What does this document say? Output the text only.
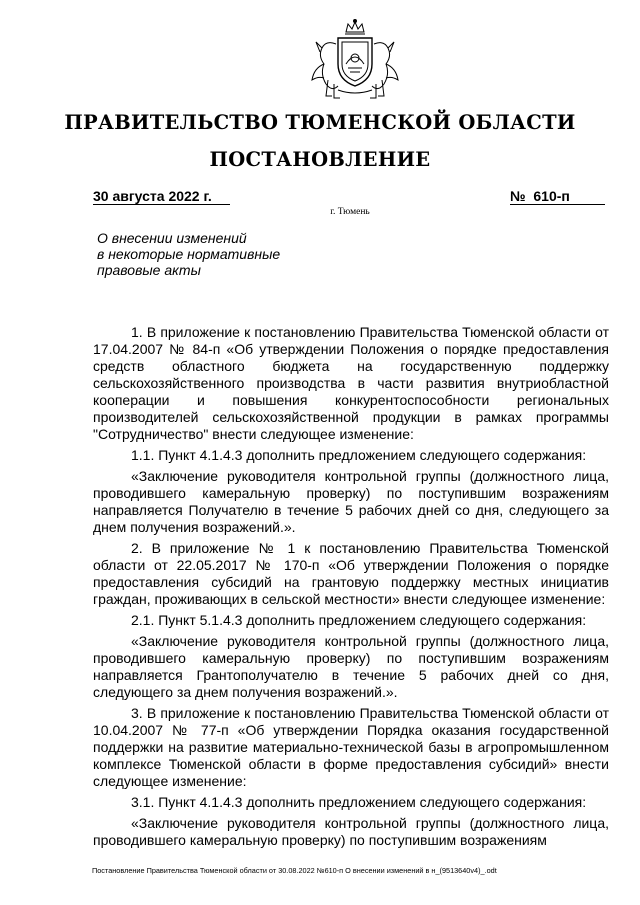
ПРАВИТЕЛЬСТВО ТЮМЕНСКОЙ ОБЛАСТИ
ПОСТАНОВЛЕНИЕ
30 августа 2022 г.	№ 610-п
г. Тюмень
О внесении изменений
в некоторые нормативные
правовые акты

1. В приложение к постановлению Правительства Тюменской области от 17.04.2007 № 84-п «Об утверждении Положения о порядке предоставления средств областного бюджета на государственную поддержку сельскохозяйственного производства в части развития внутриобластной кооперации и повышения конкурентоспособности региональных производителей сельскохозяйственной продукции в рамках программы "Сотрудничество" внести следующее изменение:

1.1. Пункт 4.1.4.3 дополнить предложением следующего содержания:

«Заключение руководителя контрольной группы (должностного лица, проводившего камеральную проверку) по поступившим возражениям направляется Получателю в течение 5 рабочих дней со дня, следующего за днем получения возражений.».

2. В приложение № 1 к постановлению Правительства Тюменской области от 22.05.2017 № 170-п «Об утверждении Положения о порядке предоставления субсидий на грантовую поддержку местных инициатив граждан, проживающих в сельской местности» внести следующее изменение:

2.1. Пункт 5.1.4.3 дополнить предложением следующего содержания:

«Заключение руководителя контрольной группы (должностного лица, проводившего камеральную проверку) по поступившим возражениям направляется Грантополучателю в течение 5 рабочих дней со дня, следующего за днем получения возражений.».

3. В приложение к постановлению Правительства Тюменской области от 10.04.2007 № 77-п «Об утверждении Порядка оказания государственной поддержки на развитие материально-технической базы в агропромышленном комплексе Тюменской области в форме предоставления субсидий» внести следующее изменение:

3.1. Пункт 4.1.4.3 дополнить предложением следующего содержания:

«Заключение руководителя контрольной группы (должностного лица, проводившего камеральную проверку) по поступившим возражениям

Постановление Правительства Тюменской области от 30.08.2022 №610-п О внесении изменений в н_(9513640v4)_.odt
